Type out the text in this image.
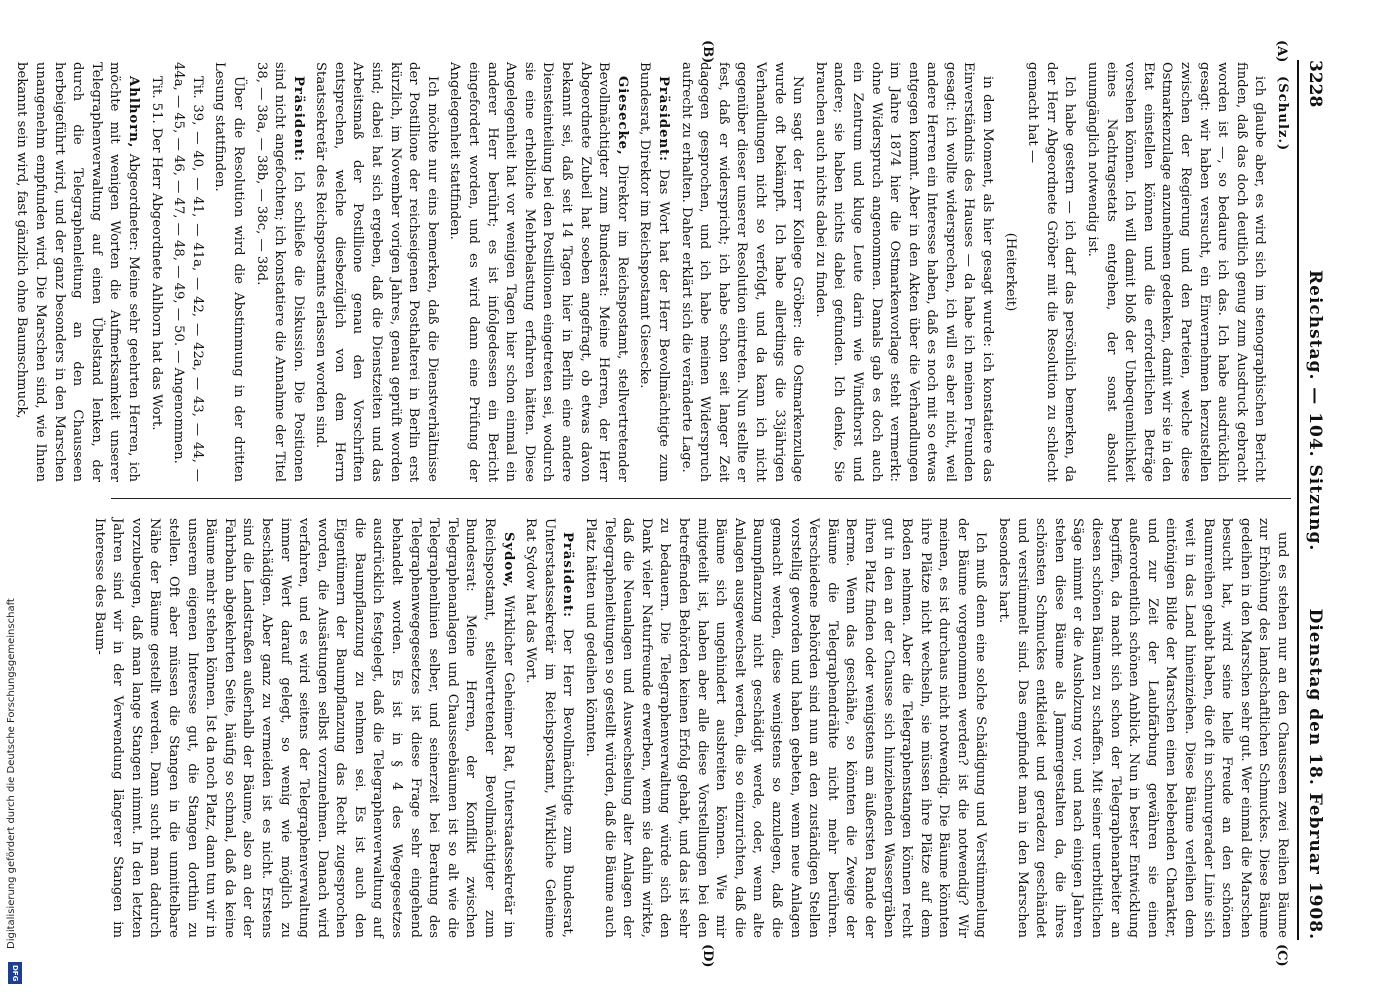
3228
Reichstag. — 104. Sitzung.
Dienstag den 18. Februar 1908.
(A)
(B)
(C)
(D)

(Schulz.)

ich glaube aber, es wird sich im stenographischen Bericht finden, daß das doch deutlich genug zum Ausdruck gebracht worden ist —, so bedaure ich das. Ich habe ausdrücklich gesagt: wir haben versucht, ein Einvernehmen herzustellen zwischen der Regierung und den Parteien, welche diese Ostmarkenzulage anzunehmen gedenken, damit wir sie in den Etat einstellen können und die erforderlichen Beträge vorsehen können. Ich will damit bloß der Unbequemlichkeit eines Nachtragsetats entgehen, der sonst absolut unumgänglich notwendig ist.

Ich habe gestern — ich darf das persönlich bemerken, da der Herr Abgeordnete Gröber mit die Resolution zu schlecht gemacht hat —

(Heiterkeit)

in dem Moment, als hier gesagt wurde: ich konstatiere das Einverständnis des Hauses — da habe ich meinen Freunden gesagt: ich wollte widersprechen, ich will es aber nicht, weil andere Herren ein Interesse haben, daß es noch mit so etwas entgegen kommt. Aber in den Akten über die Verhandlungen im Jahre 1874 hier die Ostmarkenvorlage steht vermerkt: ohne Widerspruch angenommen. Damals gab es doch auch ein Zentrum und kluge Leute darin wie Windthorst und andere; sie haben nichts dabei gefunden. Ich denke, Sie brauchen auch nichts dabei zu finden.

Nun sagt der Herr Kollege Gröber: die Ostmarkenzulage wurde oft bekämpft. Ich habe allerdings die 33jährigen Verhandlungen nicht so verfolgt, und da kann ich nicht gegenüber dieser unserer Resolution eintreten. Nun stellte er fest, daß er widerspricht; ich habe schon seit langer Zeit dagegen gesprochen, und ich habe meinen Widerspruch aufrecht zu erhalten. Daher erklärt sich die veränderte Lage.

Präsident: Das Wort hat der Herr Bevollmächtigte zum Bundesrat, Direktor im Reichspostamt Giesecke.

Giesecke, Direktor im Reichspostamt, stellvertretender Bevollmächtigter zum Bundesrat: Meine Herren, der Herr Abgeordnete Zubeil hat soeben angefragt, ob etwas davon bekannt sei, daß seit 14 Tagen hier in Berlin eine andere Diensteinteilung bei den Postillionen eingetreten sei, wodurch sie eine erhebliche Mehrbelastung erfahren hätten. Diese Angelegenheit hat vor wenigen Tagen hier schon einmal ein anderer Herr berührt; es ist infolgedessen ein Bericht eingefordert worden, und es wird dann eine Prüfung der Angelegenheit stattfinden.

Ich möchte nur eins bemerken, daß die Dienstverhältnisse der Postillione der reichseigenen Posthalterei in Berlin erst kürzlich, im November vorigen Jahres, genau geprüft worden sind; dabei hat sich ergeben, daß die Dienstzeiten und das Arbeitsmaß der Postillione genau den Vorschriften entsprechen, welche diesbezüglich von dem Herrn Staatssekretär des Reichspostamts erlassen worden sind.

Präsident: Ich schließe die Diskussion. Die Positionen sind nicht angefochten; ich konstatiere die Annahme der Titel 38, — 38a, — 38b, — 38c, — 38d.

Über die Resolution wird die Abstimmung in der dritten Lesung stattfinden.

Tit. 39, — 40, — 41, — 41a, — 42, — 42a, — 43, — 44, — 44a, — 45, — 46, — 47, — 48, — 49, — 50. — Angenommen.

Tit. 51. Der Herr Abgeordnete Ahlhorn hat das Wort.

Ahlhorn, Abgeordneter: Meine sehr geehrten Herren, ich möchte mit wenigen Worten die Aufmerksamkeit unserer Telegraphenverwaltung auf einen Übelstand lenken, der durch die Telegraphenleitung an den Chausseen herbeigeführt wird, und der ganz besonders in den Marschen unangenehm empfunden wird. Die Marschen sind, wie Ihnen bekannt sein wird, fast gänzlich ohne Baumschmuck,

und es stehen nur an den Chausseen zwei Reihen Bäume zur Erhöhung des landschaftlichen Schmuckes. Diese Bäume gedeihen in den Marschen sehr gut. Wer einmal die Marschen besucht hat, wird seine helle Freude an den schönen Baumreihen gehabt haben, die oft in schnurgerader Linie sich weit in das Land hineinziehen. Diese Bäume verleihen dem eintönigen Bilde der Marschen einen belebenden Charakter, und zur Zeit der Laubfärbung gewähren sie einen außerordentlich schönen Anblick. Nun in bester Entwicklung begriffen, da macht sich schon der Telegraphenarbeiter an diesen schönen Bäumen zu schaffen. Mit seiner unerbittlichen Säge nimmt er die Ausholzung vor, und nach einigen Jahren stehen diese Bäume als Jammergestalten da, die ihres schönsten Schmuckes entkleidet und geradezu geschändet und verstümmelt sind. Das empfindet man in den Marschen besonders hart.

Ich muß denn eine solche Schädigung und Verstümmelung der Bäume vorgenommen werden? ist die notwendig? Wir meinen, es ist durchaus nicht notwendig. Die Bäume könnten ihre Plätze nicht wechseln, sie müssen ihre Plätze auf dem Boden nehmen. Aber die Telegraphenstangen können recht gut in den an der Chausse sich hinziehenden Wassergräben ihren Platz finden oder wenigstens am äußersten Rande der Berme. Wenn das geschähe, so könnten die Zweige der Bäume die Telegraphendrähte nicht mehr berühren. Verschiedene Behörden sind nun an den zuständigen Stellen vorstellig geworden und haben gebeten, wenn neue Anlagen gemacht werden, diese wenigstens so anzulegen, daß die Baumpflanzung nicht geschädigt werde, oder, wenn alte Anlagen ausgewechselt werden, die so einzurichten, daß die Bäume sich ungehindert ausbreiten können. Wie mir mitgeteilt ist, haben aber alle diese Vorstellungen bei den betreffenden Behörden keinen Erfolg gehabt, und das ist sehr zu bedauern. Die Telegraphenverwaltung würde sich den Dank vieler Naturfreunde erwerben, wenn sie dahin wirkte, daß die Neuanlagen und Auswechselung alter Anlagen der Telegraphenleitungen so gestellt würden, daß die Bäume auch Platz hätten und gedeihen könnten.

Präsident: Der Herr Bevollmächtigte zum Bundesrat, Unterstaatssekretär im Reichspostamt, Wirkliche Geheime Rat Sydow hat das Wort.

Sydow, Wirklicher Geheimer Rat, Unterstaatssekretär im Reichspostamt, stellvertretender Bevollmächtigter zum Bundesrat: Meine Herren, der Konflikt zwischen Telegraphenanlagen und Chausseebäumen ist so alt wie die Telegraphenlinien selber, und seinerzeit bei Beratung des Telegraphenwegegesetzes ist diese Frage sehr eingehend behandelt worden. Es ist in § 4 des Wegegesetzes ausdrücklich festgelegt, daß die Telegraphenverwaltung auf die Baumpflanzung zu nehmen sei. Es ist auch den Eigentümern der Baumpflanzung das Recht zugesprochen worden, die Ausästungen selbst vorzunehmen. Danach wird verfahren, und es wird seitens der Telegraphenverwaltung immer Wert darauf gelegt, so wenig wie möglich zu beschädigen. Aber ganz zu vermeiden ist es nicht. Erstens sind die Landstraßen außerhalb der Bäume, also an der der Fahrbahn abgekehrten Seite, häufig so schmal, daß da keine Bäume mehr stehen können. Ist da noch Platz, dann tun wir in unserem eigenen Interesse gut, die Stangen dorthin zu stellen. Oft aber müssen die Stangen in die unmittelbare Nähe der Bäume gestellt werden. Dann sucht man dadurch vorzubeugen, daß man lange Stangen nimmt. In den letzten Jahren sind wir in der Verwendung längerer Stangen im Interesse des Baum-

Digitalisierung gefördert durch die Deutsche Forschungsgemeinschaft
DFG
